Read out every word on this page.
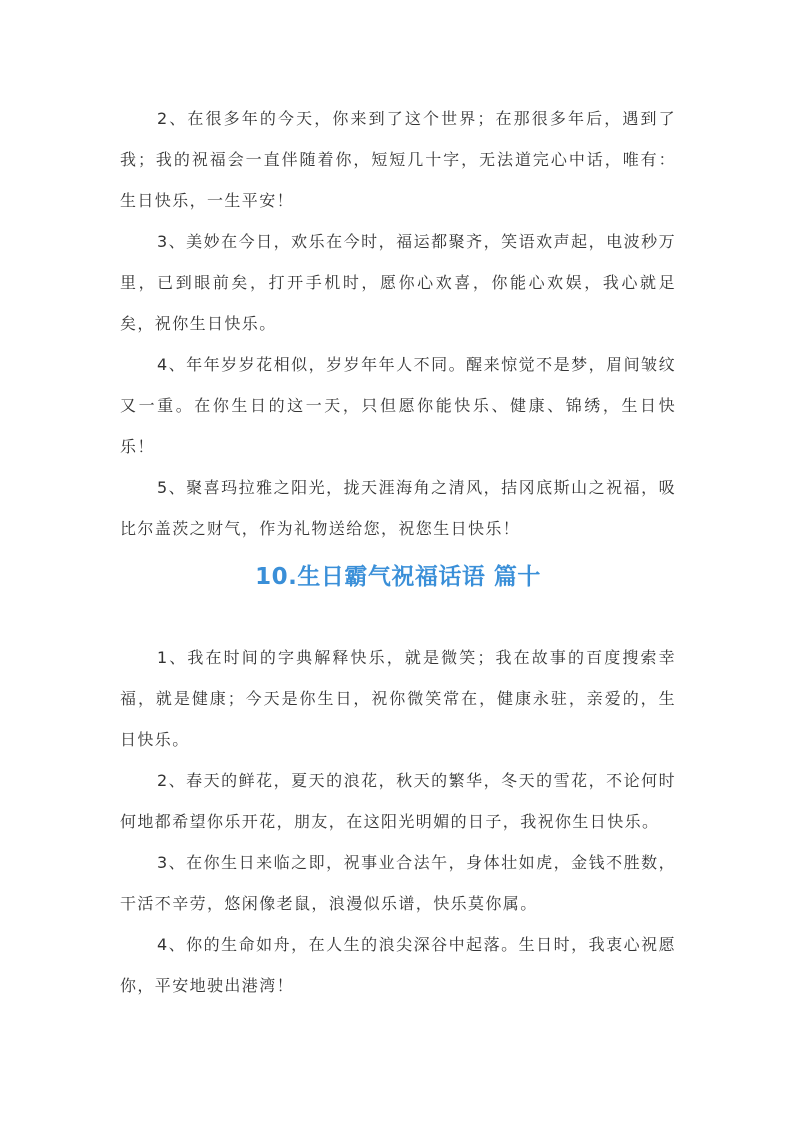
2、在很多年的今天，你来到了这个世界；在那很多年后，遇到了我；我的祝福会一直伴随着你，短短几十字，无法道完心中话，唯有：生日快乐，一生平安！

3、美妙在今日，欢乐在今时，福运都聚齐，笑语欢声起，电波秒万里，已到眼前矣，打开手机时，愿你心欢喜，你能心欢娱，我心就足矣，祝你生日快乐。

4、年年岁岁花相似，岁岁年年人不同。醒来惊觉不是梦，眉间皱纹又一重。在你生日的这一天，只但愿你能快乐、健康、锦绣，生日快乐！

5、聚喜玛拉雅之阳光，拢天涯海角之清风，拮冈底斯山之祝福，吸比尔盖茨之财气，作为礼物送给您，祝您生日快乐！

10.生日霸气祝福话语 篇十

1、我在时间的字典解释快乐，就是微笑；我在故事的百度搜索幸福，就是健康；今天是你生日，祝你微笑常在，健康永驻，亲爱的，生日快乐。

2、春天的鲜花，夏天的浪花，秋天的繁华，冬天的雪花，不论何时何地都希望你乐开花，朋友，在这阳光明媚的日子，我祝你生日快乐。

3、在你生日来临之即，祝事业合法午，身体壮如虎，金钱不胜数，干活不辛劳，悠闲像老鼠，浪漫似乐谱，快乐莫你属。

4、你的生命如舟，在人生的浪尖深谷中起落。生日时，我衷心祝愿你，平安地驶出港湾！
